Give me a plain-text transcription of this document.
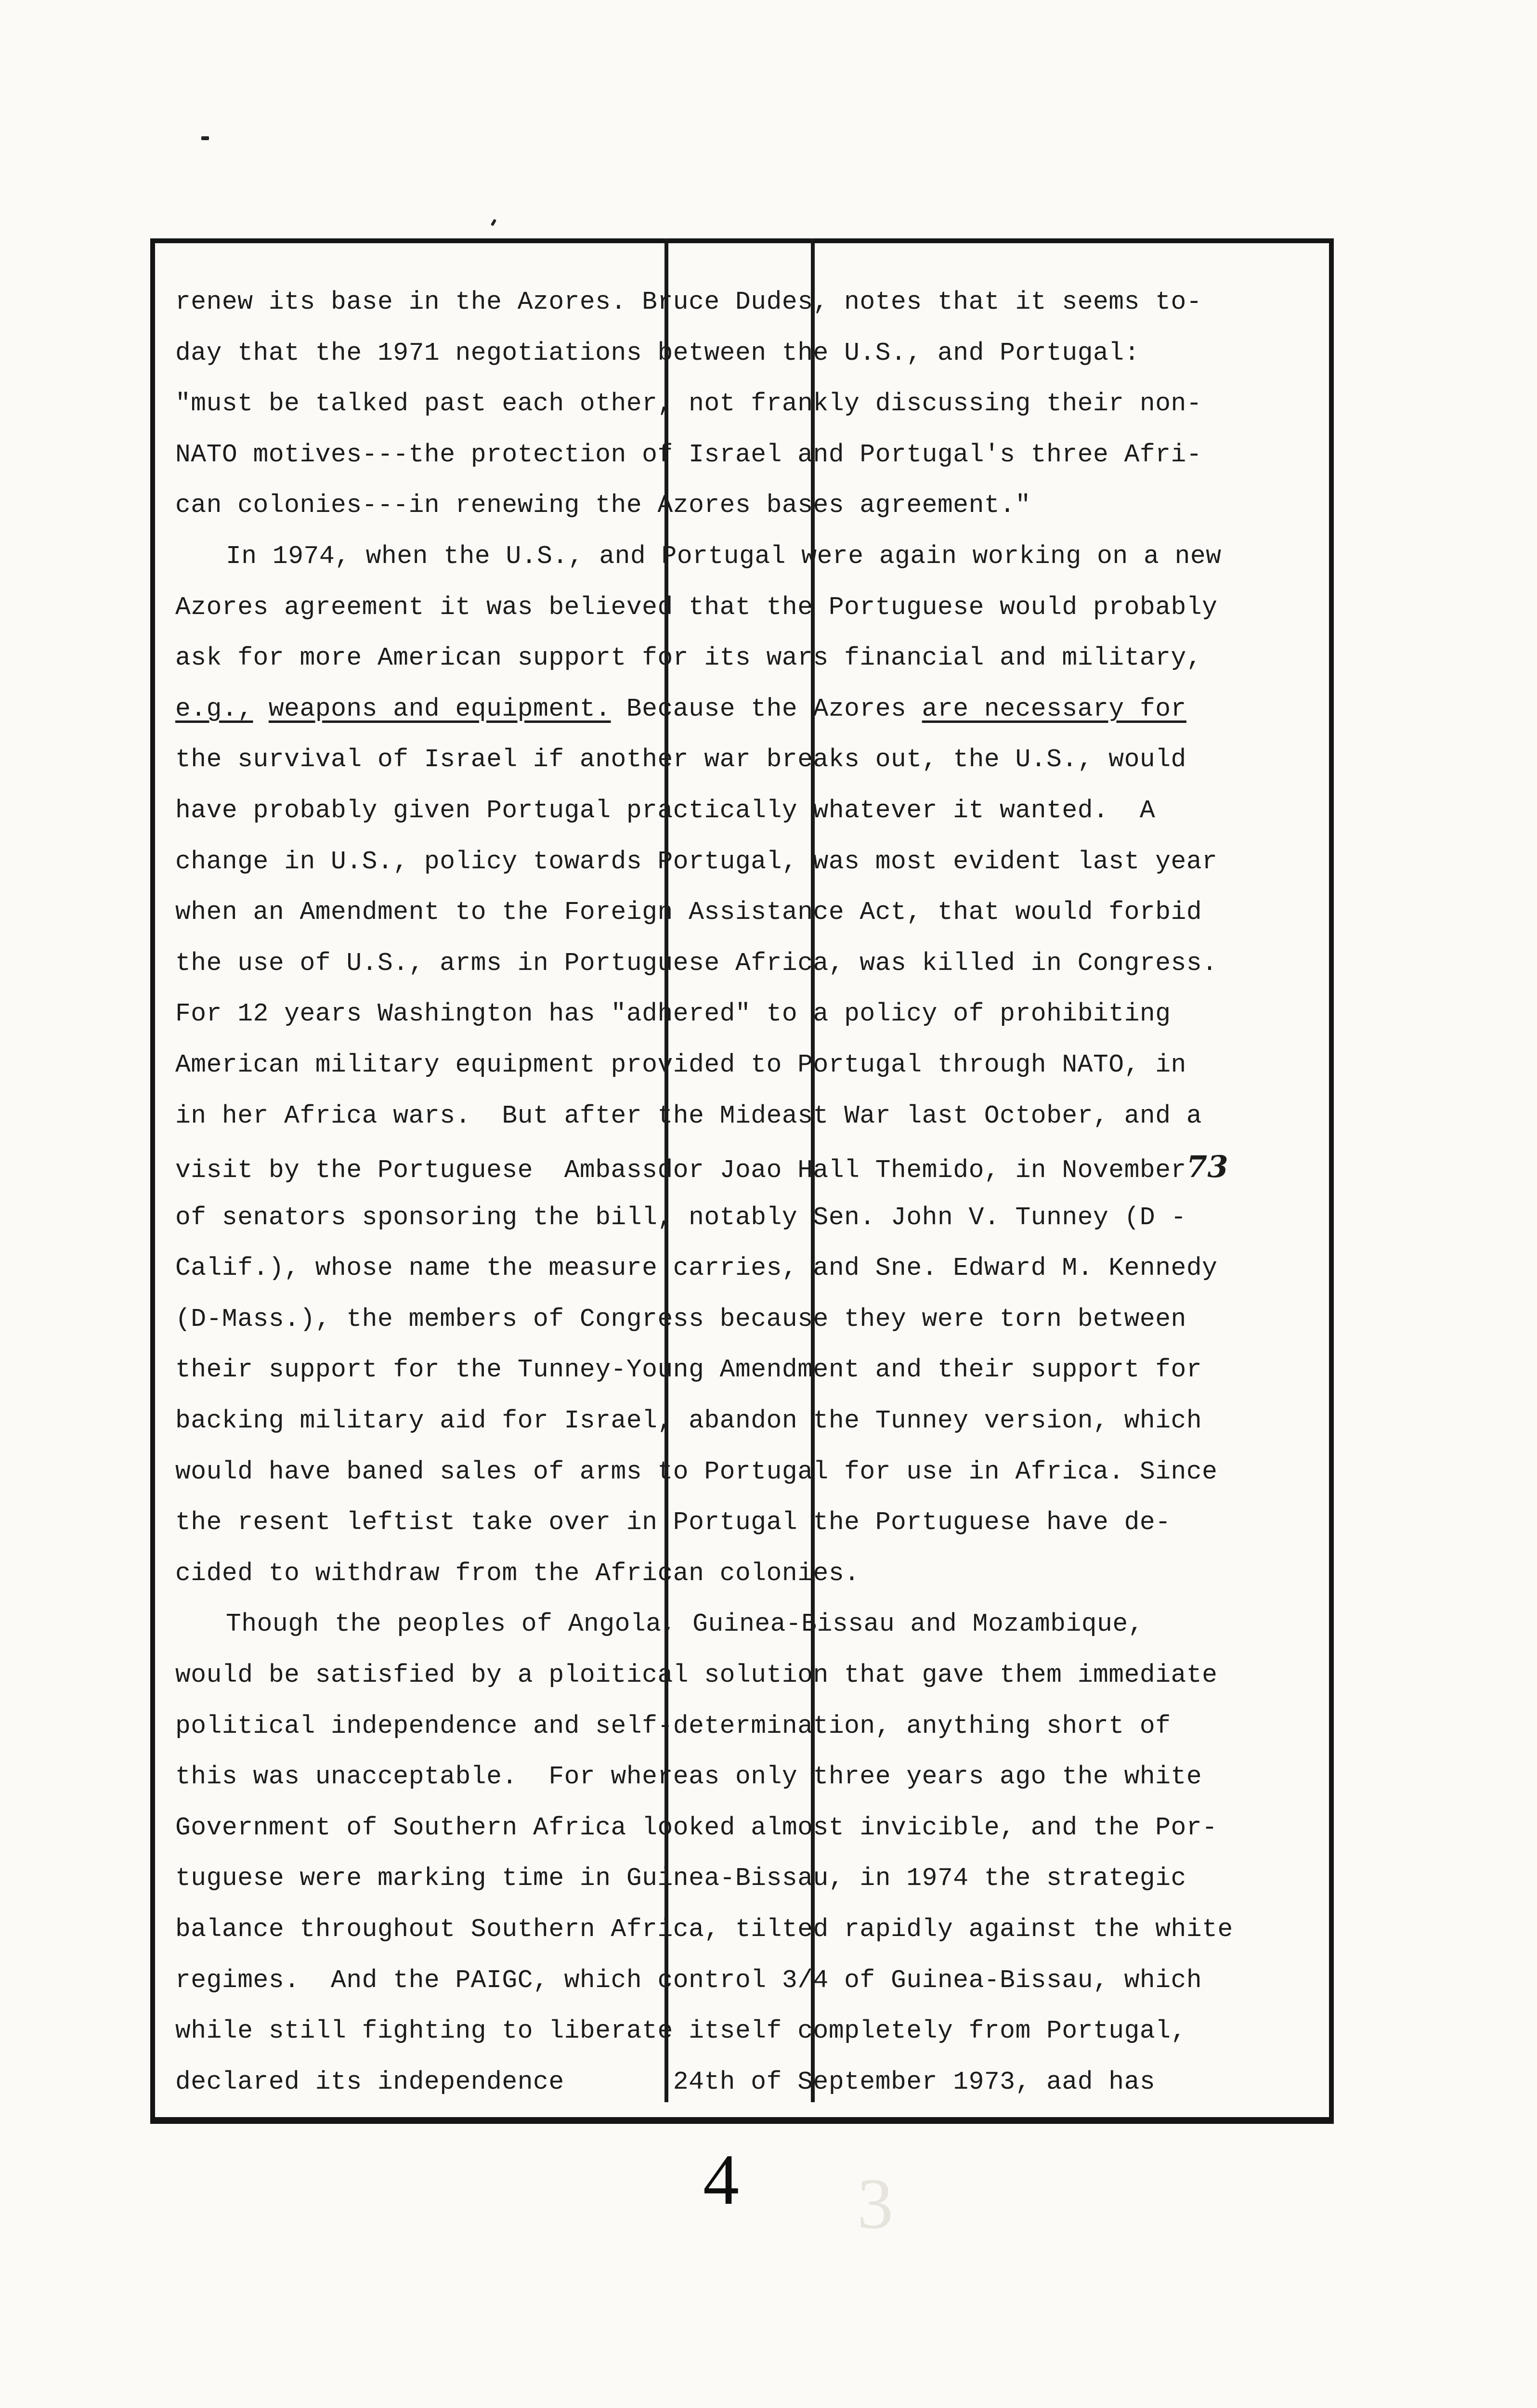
renew its base in the Azores. Bruce Dudes, notes that it seems to-
day that the 1971 negotiations between the U.S., and Portugal:
"must be talked past each other, not frankly discussing their non-
NATO motives---the protection of Israel and Portugal's three Afri-
can colonies---in renewing the Azores bases agreement."
In 1974, when the U.S., and Portugal were again working on a new
Azores agreement it was believed that the Portuguese would probably
ask for more American support for its wars financial and military,
e.g., weapons and equipment. Because the Azores are necessary for
the survival of Israel if another war breaks out, the U.S., would
have probably given Portugal practically whatever it wanted.  A
change in U.S., policy towards Portugal, was most evident last year
when an Amendment to the Foreign Assistance Act, that would forbid
the use of U.S., arms in Portuguese Africa, was killed in Congress.
For 12 years Washington has "adhered" to a policy of prohibiting
American military equipment provided to Portugal through NATO, in
in her Africa wars.  But after the Mideast War last October, and a
visit by the Portuguese  Ambassdor Joao Hall Themido, in November73
of senators sponsoring the bill, notably Sen. John V. Tunney (D -
Calif.), whose name the measure carries, and Sne. Edward M. Kennedy
(D-Mass.), the members of Congress because they were torn between
their support for the Tunney-Young Amendment and their support for
backing military aid for Israel, abandon the Tunney version, which
would have baned sales of arms to Portugal for use in Africa. Since
the resent leftist take over in Portugal the Portuguese have de-
cided to withdraw from the African colonies.
Though the peoples of Angola, Guinea-Bissau and Mozambique,
would be satisfied by a ploitical solution that gave them immediate
political independence and self-determination, anything short of
this was unacceptable.  For whereas only three years ago the white
Government of Southern Africa looked almost invicible, and the Por-
tuguese were marking time in Guinea-Bissau, in 1974 the strategic
balance throughout Southern Africa, tilted rapidly against the white
regimes.  And the PAIGC, which control 3/4 of Guinea-Bissau, which
while still fighting to liberate itself completely from Portugal,
declared its independence       24th of September 1973, aad has
4 3
